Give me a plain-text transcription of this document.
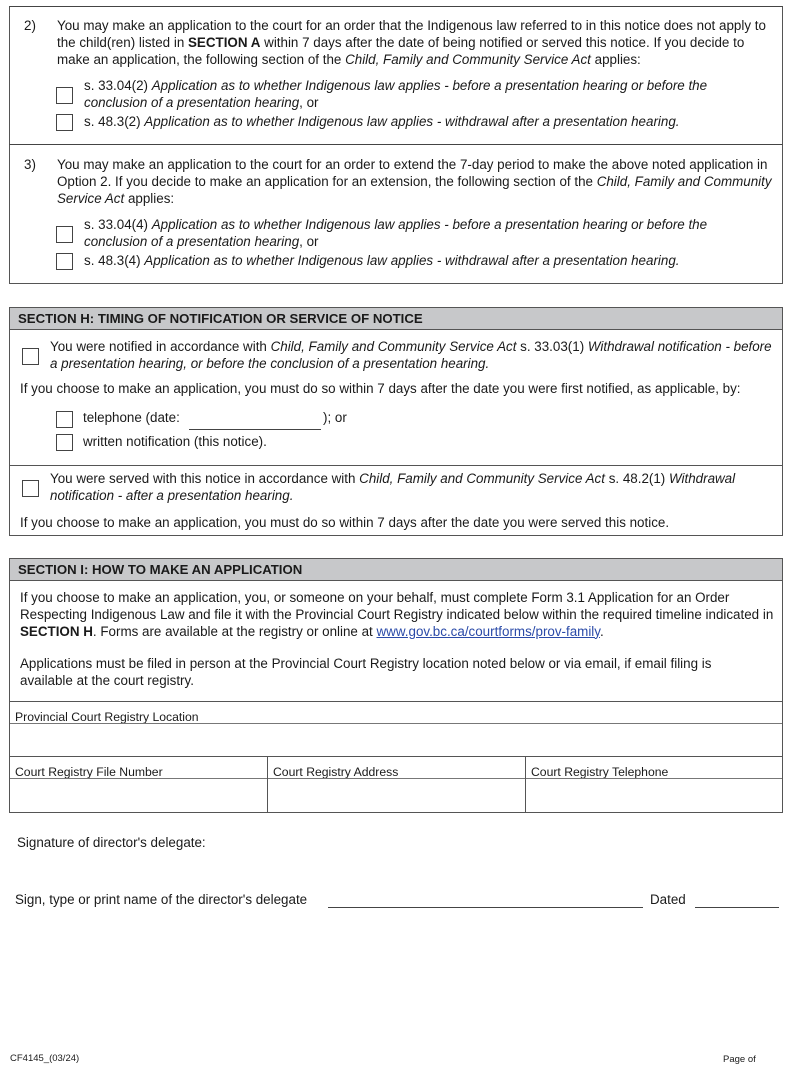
2) You may make an application to the court for an order that the Indigenous law referred to in this notice does not apply to the child(ren) listed in SECTION A within 7 days after the date of being notified or served this notice. If you decide to make an application, the following section of the Child, Family and Community Service Act applies:
s. 33.04(2) Application as to whether Indigenous law applies - before a presentation hearing or before the conclusion of a presentation hearing, or
s. 48.3(2) Application as to whether Indigenous law applies - withdrawal after a presentation hearing.
3) You may make an application to the court for an order to extend the 7-day period to make the above noted application in Option 2. If you decide to make an application for an extension, the following section of the Child, Family and Community Service Act applies:
s. 33.04(4) Application as to whether Indigenous law applies - before a presentation hearing or before the conclusion of a presentation hearing, or
s. 48.3(4) Application as to whether Indigenous law applies - withdrawal after a presentation hearing.
SECTION H: TIMING OF NOTIFICATION OR SERVICE OF NOTICE
You were notified in accordance with Child, Family and Community Service Act s. 33.03(1) Withdrawal notification - before a presentation hearing, or before the conclusion of a presentation hearing.
If you choose to make an application, you must do so within 7 days after the date you were first notified, as applicable, by:
telephone (date:	); or
written notification (this notice).
You were served with this notice in accordance with Child, Family and Community Service Act s. 48.2(1) Withdrawal notification - after a presentation hearing.
If you choose to make an application, you must do so within 7 days after the date you were served this notice.
SECTION I: HOW TO MAKE AN APPLICATION
If you choose to make an application, you, or someone on your behalf, must complete Form 3.1 Application for an Order Respecting Indigenous Law and file it with the Provincial Court Registry indicated below within the required timeline indicated in SECTION H. Forms are available at the registry or online at www.gov.bc.ca/courtforms/prov-family.
Applications must be filed in person at the Provincial Court Registry location noted below or via email, if email filing is available at the court registry.
Provincial Court Registry Location
Court Registry File Number	Court Registry Address	Court Registry Telephone
Signature of director's delegate:
Sign, type or print name of the director's delegate	Dated
CF4145_(03/24)	Page of
